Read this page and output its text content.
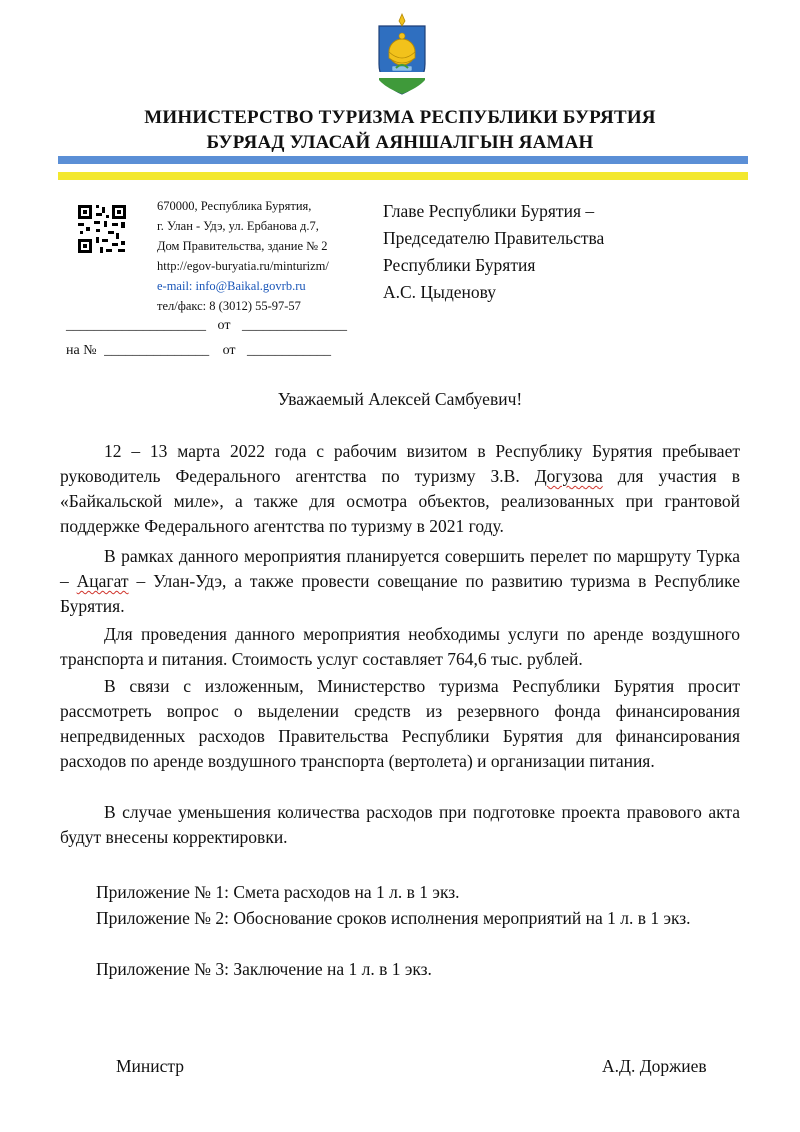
МИНИСТЕРСТВО ТУРИЗМА РЕСПУБЛИКИ БУРЯТИЯ
БУРЯАД УЛАСАЙ АЯНШАЛГЫН ЯАМАН
670000, Республика Бурятия,
г. Улан - Удэ, ул. Ербанова д.7,
Дом Правительства, здание № 2
http://egov-buryatia.ru/minturizm/
e-mail: info@Baikal.govrb.ru
тел/факс: 8 (3012) 55-97-57
____________________ от _______________
на № _______________ от ____________
Главе Республики Бурятия –
Председателю Правительства
Республики Бурятия
А.С. Цыденову
Уважаемый Алексей Самбуевич!
12 – 13 марта 2022 года с рабочим визитом в Республику Бурятия пребывает руководитель Федерального агентства по туризму З.В. Догузова для участия в «Байкальской миле», а также для осмотра объектов, реализованных при грантовой поддержке Федерального агентства по туризму в 2021 году.
В рамках данного мероприятия планируется совершить перелет по маршруту Турка – Ацагат – Улан-Удэ, а также провести совещание по развитию туризма в Республике Бурятия.
Для проведения данного мероприятия необходимы услуги по аренде воздушного транспорта и питания. Стоимость услуг составляет 764,6 тыс. рублей.
В связи с изложенным, Министерство туризма Республики Бурятия просит рассмотреть вопрос о выделении средств из резервного фонда финансирования непредвиденных расходов Правительства Республики Бурятия для финансирования расходов по аренде воздушного транспорта (вертолета) и организации питания.
В случае уменьшения количества расходов при подготовке проекта правового акта будут внесены корректировки.
Приложение № 1: Смета расходов на 1 л. в 1 экз.
Приложение № 2: Обоснование сроков исполнения мероприятий на 1 л. в 1 экз.
Приложение № 3: Заключение на 1 л. в 1 экз.
Министр	А.Д. Доржиев
